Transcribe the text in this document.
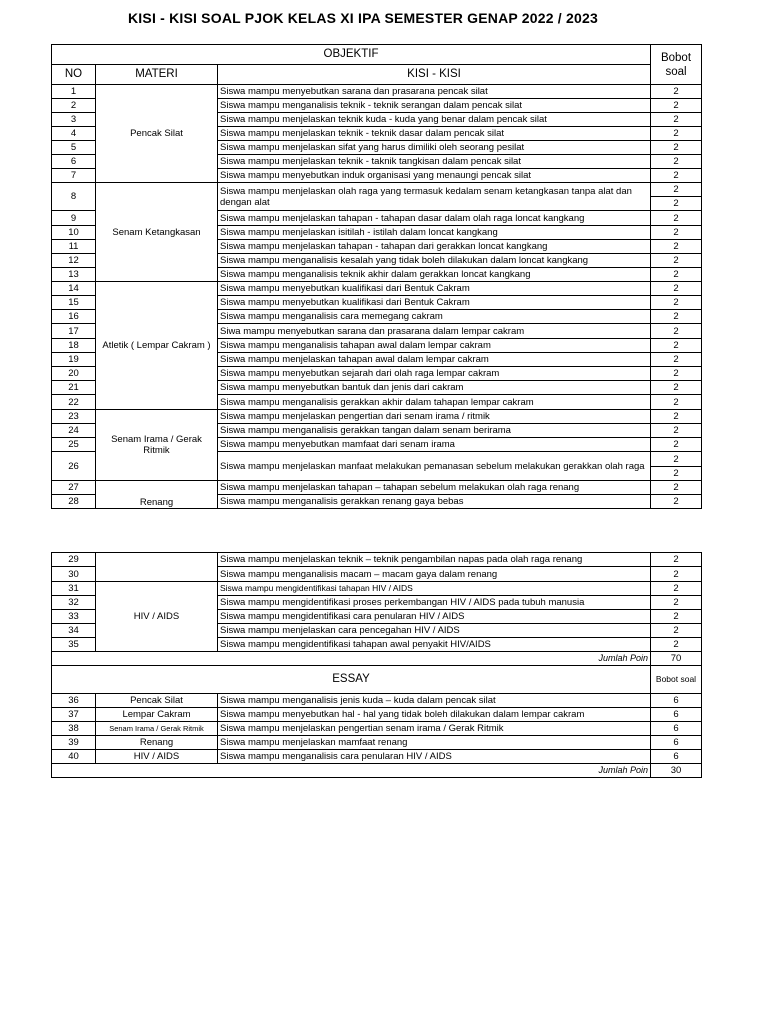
KISI - KISI SOAL PJOK KELAS XI IPA SEMESTER GENAP 2022 / 2023
OBJEKTIF			Bobot soal
NO	MATERI	KISI - KISI	
1	Pencak Silat	Siswa mampu menyebutkan sarana dan prasarana pencak silat	2
2		Siswa mampu menganalisis teknik - teknik serangan dalam pencak silat	2
3		Siswa mampu menjelaskan teknik kuda - kuda yang benar dalam pencak silat	2
4		Siswa mampu menjelaskan teknik - teknik dasar dalam pencak silat	2
5		Siswa mampu menjelaskan sifat yang harus dimiliki oleh seorang pesilat	2
6		Siswa mampu menjelaskan teknik - taknik tangkisan dalam pencak silat	2
7		Siswa mampu menyebutkan induk organisasi yang menaungi pencak silat	2
8	Senam Ketangkasan	Siswa mampu menjelaskan olah raga yang termasuk kedalam senam ketangkasan tanpa alat dan dengan alat	2
			2
9		Siswa mampu menjelaskan tahapan - tahapan dasar dalam olah raga loncat kangkang	2
10		Siswa mampu menjelaskan isitilah - istilah dalam loncat kangkang	2
11		Siswa mampu menjelaskan tahapan - tahapan dari gerakkan loncat kangkang	2
12		Siswa mampu menganalisis kesalah yang tidak boleh dilakukan dalam loncat kangkang	2
13		Siswa mampu menganalisis teknik akhir dalam gerakkan loncat kangkang	2
14	Atletik ( Lempar Cakram )	Siswa mampu menyebutkan kualifikasi dari Bentuk Cakram	2
15		Siswa mampu menyebutkan kualifikasi dari Bentuk Cakram	2
16		Siswa mampu menganalisis cara memegang cakram	2
17		Siwa mampu menyebutkan sarana dan prasarana dalam lempar cakram	2
18		Siswa mampu menganalisis tahapan awal dalam lempar cakram	2
19		Siswa mampu menjelaskan tahapan awal dalam lempar cakram	2
20		Siswa mampu menyebutkan sejarah dari olah raga lempar cakram	2
21		Siswa mampu menyebutkan bantuk dan jenis dari cakram	2
22		Siswa mampu menganalisis gerakkan akhir dalam tahapan lempar cakram	2
23	Senam Irama / Gerak Ritmik	Siswa mampu menjelaskan pengertian dari senam irama / ritmik	2
24		Siswa mampu menganalisis gerakkan tangan dalam senam berirama	2
25		Siswa mampu menyebutkan mamfaat dari senam irama	2
26		Siswa mampu menjelaskan manfaat melakukan pemanasan sebelum melakukan gerakkan olah raga	2
			2
27	Renang	Siswa mampu menjelaskan tahapan – tahapan sebelum melakukan olah raga renang	2
28		Siswa mampu menganalisis gerakkan renang gaya bebas	2
29		Siswa mampu menjelaskan teknik – teknik pengambilan napas pada olah raga renang	2
30		Siswa mampu menganalisis macam – macam gaya dalam renang	2
31	HIV / AIDS	Siswa mampu mengidentifikasi tahapan HIV / AIDS	2
32		Siswa mampu mengidentifikasi proses perkembangan HIV / AIDS pada tubuh manusia	2
33		Siswa mampu mengidentifikasi cara penularan HIV / AIDS	2
34		Siswa mampu menjelaskan cara pencegahan HIV / AIDS	2
35		Siswa mampu mengidentifikasi tahapan awal penyakit HIV/AIDS	2
Jumlah Poin			70
ESSAY			Bobot soal
36	Pencak Silat	Siswa mampu menganalisis jenis kuda – kuda dalam pencak silat	6
37	Lempar Cakram	Siswa mampu menyebutkan hal - hal yang tidak boleh dilakukan dalam lempar cakram	6
38	Senam Irama / Gerak Ritmik	Siswa mampu menjelaskan pengertian senam irama / Gerak Ritmik	6
39	Renang	Siswa mampu menjelaskan mamfaat renang	6
40	HIV / AIDS	Siswa mampu menganalisis cara penularan HIV / AIDS	6
Jumlah Poin			30
